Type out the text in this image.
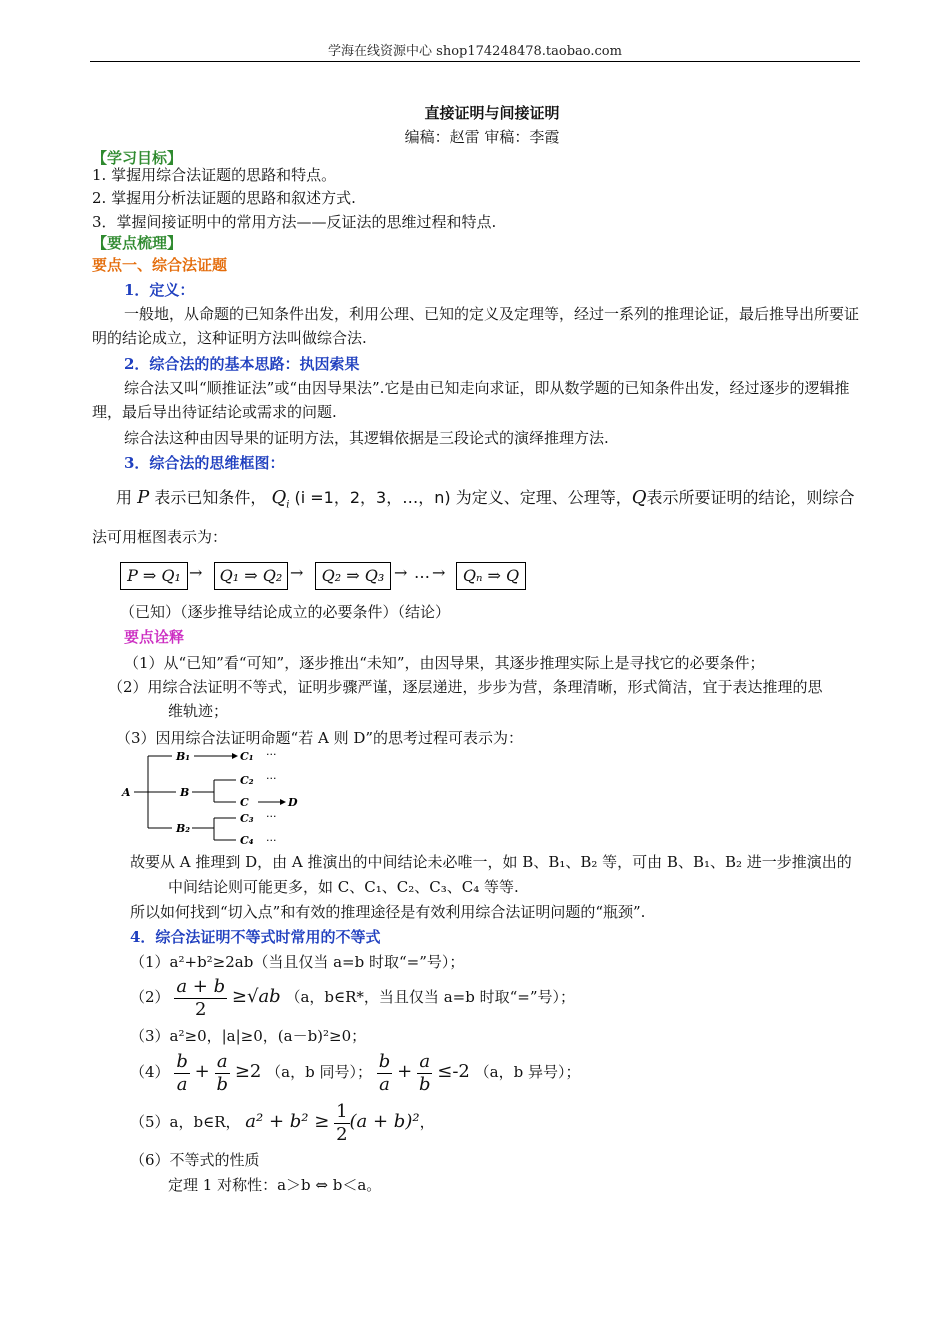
学海在线资源中心 shop174248478.taobao.com
直接证明与间接证明
编稿：赵雷 审稿：李霞
【学习目标】
1. 掌握用综合法证题的思路和特点。
2. 掌握用分析法证题的思路和叙述方式.
3．掌握间接证明中的常用方法——反证法的思维过程和特点.
【要点梳理】
要点一、综合法证题
1．定义：
一般地，从命题的已知条件出发，利用公理、已知的定义及定理等，经过一系列的推理论证，最后推导出所要证明的结论成立，这种证明方法叫做综合法.
2．综合法的的基本思路：执因索果
综合法又叫“顺推证法”或“由因导果法”.它是由已知走向求证，即从数学题的已知条件出发，经过逐步的逻辑推理，最后导出待证结论或需求的问题.
综合法这种由因导果的证明方法，其逻辑依据是三段论式的演绎推理方法.
3．综合法的思维框图：
用 P 表示已知条件， $Q_i$ (i =1，2，3，…，n) 为定义、定理、公理等，Q表示所要证明的结论，则综合
法可用框图表示为：
P ⇒ Q₁ →	Q₁ ⇒ Q₂ →	Q₂ ⇒ Q₃ → … →	Qₙ ⇒ Q
（已知）（逐步推导结论成立的必要条件）（结论）
要点诠释
（1）从“已知”看“可知”，逐步推出“未知”，由因导果，其逐步推理实际上是寻找它的必要条件；
（2）用综合法证明不等式，证明步骤严谨，逐层递进，步步为营，条理清晰，形式简洁，宜于表达推理的思
维轨迹；
（3）因用综合法证明命题“若 A 则 D”的思考过程可表示为：
A
B₁
B
B₂
C₁
C₂
C	D
C₃
C₄
···
···
···
···
故要从 A 推理到 D，由 A 推演出的中间结论未必唯一，如 B、B₁、B₂ 等，可由 B、B₁、B₂ 进一步推演出的
中间结论则可能更多，如 C、C₁、C₂、C₃、C₄ 等等.
所以如何找到“切入点”和有效的推理途径是有效利用综合法证明问题的“瓶颈”.
4．综合法证明不等式时常用的不等式
（1）a²+b²≥2ab（当且仅当 a=b 时取“=”号）；
$(2) \frac{a + b}{2} \ge√ab$ （a，b∈R*，当且仅当 a=b 时取“=”号）；
（3）a²≥0，|a|≥0，(a－b)²≥0；
$(4) \frac{b}{a} + \frac{a}{b} \ge 2$ （a，b 同号）； $\frac{b}{a} + \frac{a}{b} \le-2$ （a，b 异号）；
（5）a，b∈R， $a^2 + b^2 \ge \frac{1}{2} (a + b)^2$，
（6）不等式的性质
定理 1 对称性：a＞b ⇔ b＜a。
